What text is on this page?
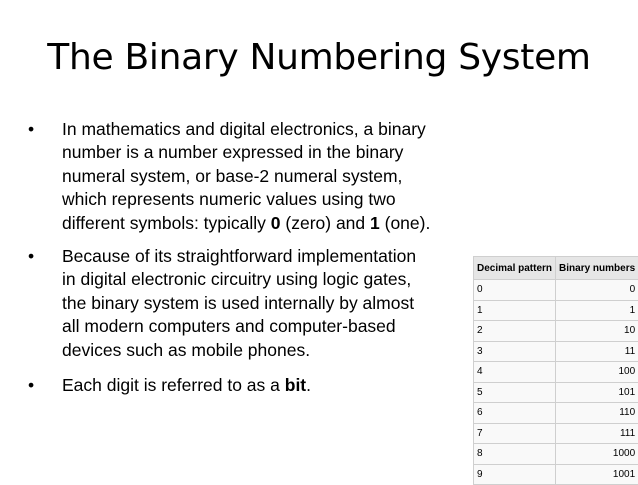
The Binary Numbering System
• In mathematics and digital electronics, a binary
number is a number expressed in the binary
numeral system, or base-2 numeral system,
which represents numeric values using two
different symbols: typically 0 (zero) and 1 (one).
• Because of its straightforward implementation
in digital electronic circuitry using logic gates,
the binary system is used internally by almost
all modern computers and computer-based
devices such as mobile phones.
• Each digit is referred to as a bit.
Decimal pattern	Binary numbers
0	0
1	1
2	10
3	11
4	100
5	101
6	110
7	111
8	1000
9	1001
